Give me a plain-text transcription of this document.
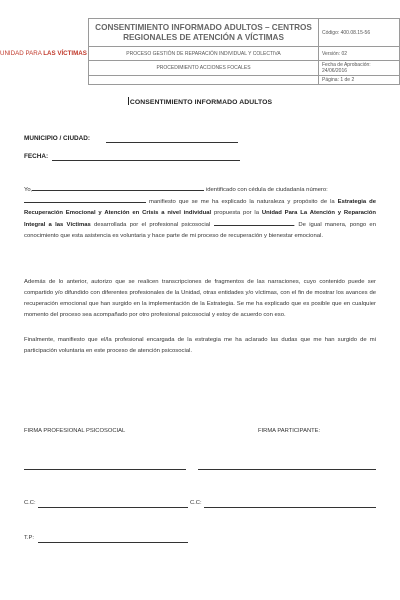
UNIDAD PARA LAS VÍCTIMAS
CONSENTIMIENTO INFORMADO ADULTOS – CENTROS REGIONALES DE ATENCIÓN A VÍCTIMAS	Código: 400.08.15-56
PROCESO GESTIÓN DE REPARACIÓN INDIVIDUAL Y COLECTIVA	Versión: 02
PROCEDIMIENTO ACCIONES FOCALES	Fecha de Aprobación: 24/06/2016
	Página: 1 de 2
CONSENTIMIENTO INFORMADO ADULTOS
MUNICIPIO / CIUDAD:
FECHA:
Yo,	identificado con cédula de ciudadanía número:
manifiesto que se me ha explicado la naturaleza y propósito de la Estrategia de Recuperación Emocional y Atención en Crisis a nivel individual propuesta por la Unidad Para La Atención y Reparación Integral a las Víctimas desarrollada por el profesional psicosocial	. De igual manera, pongo en conocimiento que esta asistencia es voluntaria y hace parte de mi proceso de recuperación y bienestar emocional.
Además de lo anterior, autorizo que se realicen transcripciones de fragmentos de las narraciones, cuyo contenido puede ser compartido y/o difundido con diferentes profesionales de la Unidad, otras entidades y/o víctimas, con el fin de mostrar los avances de recuperación emocional que han surgido en la implementación de la Estrategia. Se me ha explicado que es posible que en cualquier momento del proceso sea acompañado por otro profesional psicosocial y estoy de acuerdo con eso.
Finalmente, manifiesto que el/la profesional encargada de la estrategia me ha aclarado las dudas que me han surgido de mi participación voluntaria en este proceso de atención psicosocial.
FIRMA PROFESIONAL PSICOSOCIAL	FIRMA PARTICIPANTE:
C.C:	C.C:
T.P:
